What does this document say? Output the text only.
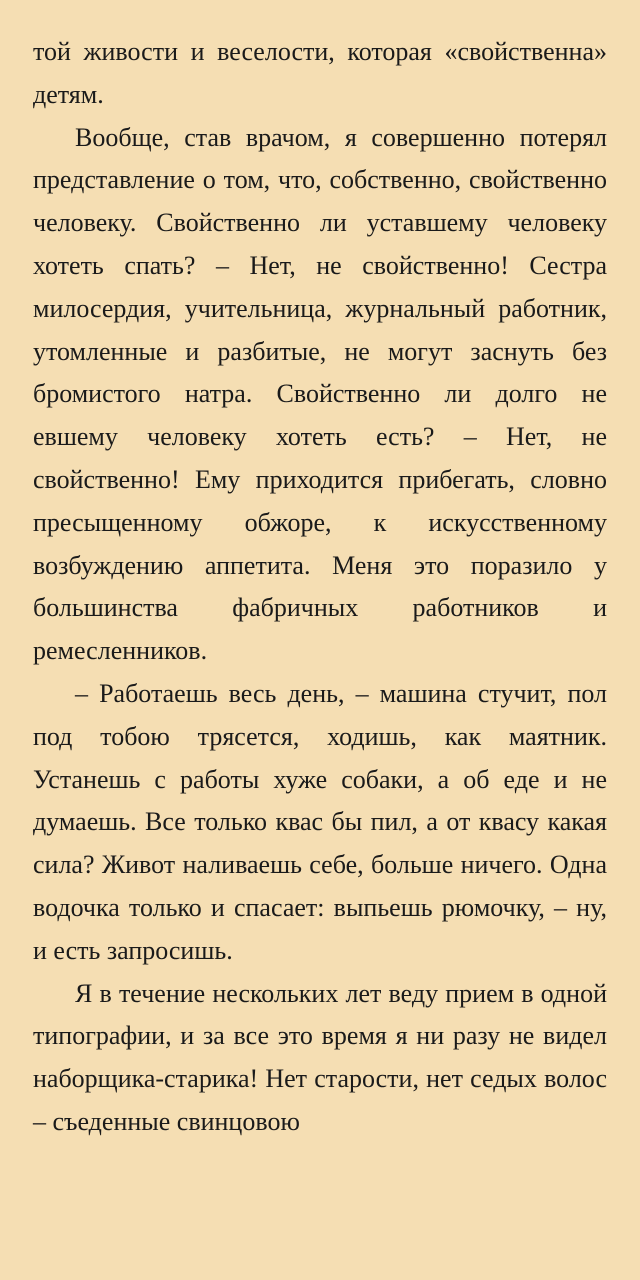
той живости и веселости, которая «свойственна» детям.

Вообще, став врачом, я совершенно потерял представление о том, что, собственно, свойственно человеку. Свойственно ли уставшему человеку хотеть спать? – Нет, не свойственно! Сестра милосердия, учительница, журнальный работник, утомленные и разбитые, не могут заснуть без бромистого натра. Свойственно ли долго не евшему человеку хотеть есть? – Нет, не свойственно! Ему приходится прибегать, словно пресыщенному обжоре, к искусственному возбуждению аппетита. Меня это поразило у большинства фабричных работников и ремесленников.

– Работаешь весь день, – машина стучит, пол под тобою трясется, ходишь, как маятник. Устанешь с работы хуже собаки, а об еде и не думаешь. Все только квас бы пил, а от квасу какая сила? Живот наливаешь себе, больше ничего. Одна водочка только и спасает: выпьешь рюмочку, – ну, и есть запросишь.

Я в течение нескольких лет веду прием в одной типографии, и за все это время я ни разу не видел наборщика-старика! Нет старости, нет седых волос – съеденные свинцовою
